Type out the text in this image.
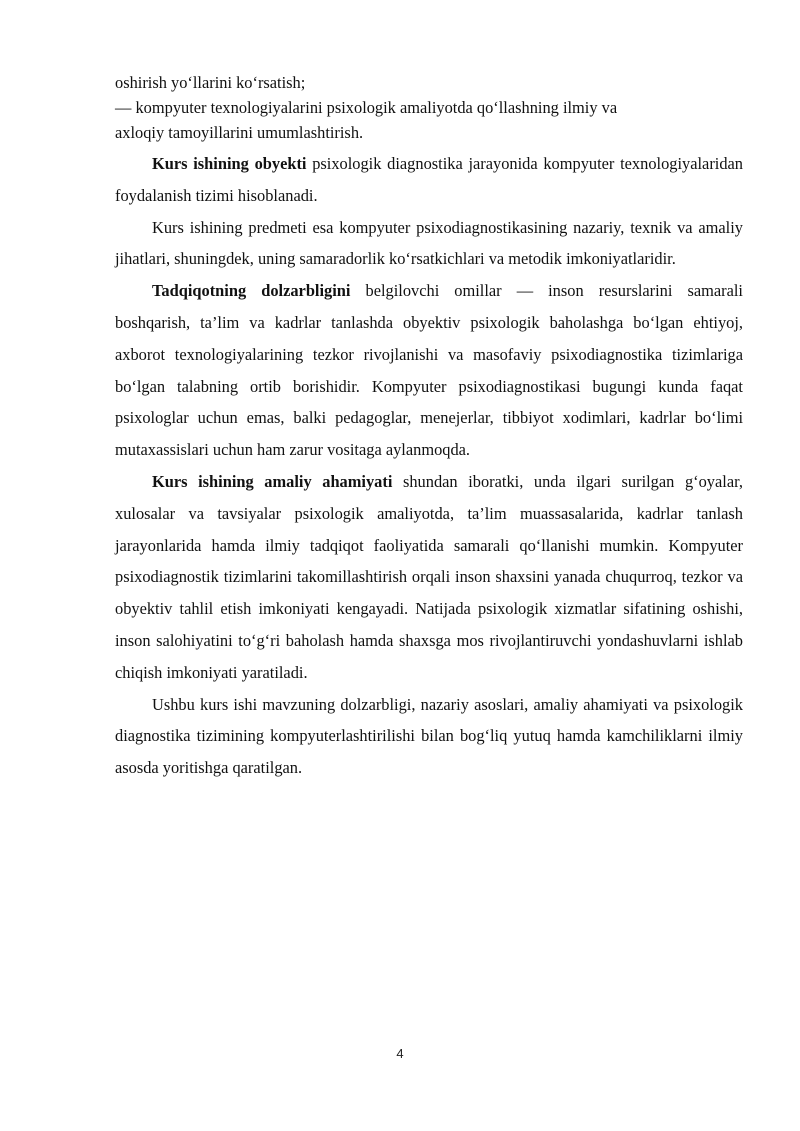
oshirish yo‘llarini ko‘rsatish;
— kompyuter texnologiyalarini psixologik amaliyotda qo‘llashning ilmiy va
axloqiy tamoyillarini umumlashtirish.

Kurs ishining obyekti psixologik diagnostika jarayonida kompyuter texnologiyalaridan foydalanish tizimi hisoblanadi.

Kurs ishining predmeti esa kompyuter psixodiagnostikasining nazariy, texnik va amaliy jihatlari, shuningdek, uning samaradorlik ko‘rsatkichlari va metodik imkoniyatlaridir.

Tadqiqotning dolzarbligini belgilovchi omillar — inson resurslarini samarali boshqarish, ta’lim va kadrlar tanlashda obyektiv psixologik baholashga bo‘lgan ehtiyoj, axborot texnologiyalarining tezkor rivojlanishi va masofaviy psixodiagnostika tizimlariga bo‘lgan talabning ortib borishidir. Kompyuter psixodiagnostikasi bugungi kunda faqat psixologlar uchun emas, balki pedagoglar, menejerlar, tibbiyot xodimlari, kadrlar bo‘limi mutaxassislari uchun ham zarur vositaga aylanmoqda.

Kurs ishining amaliy ahamiyati shundan iboratki, unda ilgari surilgan g‘oyalar, xulosalar va tavsiyalar psixologik amaliyotda, ta’lim muassasalarida, kadrlar tanlash jarayonlarida hamda ilmiy tadqiqot faoliyatida samarali qo‘llanishi mumkin. Kompyuter psixodiagnostik tizimlarini takomillashtirish orqali inson shaxsini yanada chuqurroq, tezkor va obyektiv tahlil etish imkoniyati kengayadi. Natijada psixologik xizmatlar sifatining oshishi, inson salohiyatini to‘g‘ri baholash hamda shaxsga mos rivojlantiruvchi yondashuvlarni ishlab chiqish imkoniyati yaratiladi.

Ushbu kurs ishi mavzuning dolzarbligi, nazariy asoslari, amaliy ahamiyati va psixologik diagnostika tizimining kompyuterlashtirilishi bilan bog‘liq yutuq hamda kamchiliklarni ilmiy asosda yoritishga qaratilgan.

4
